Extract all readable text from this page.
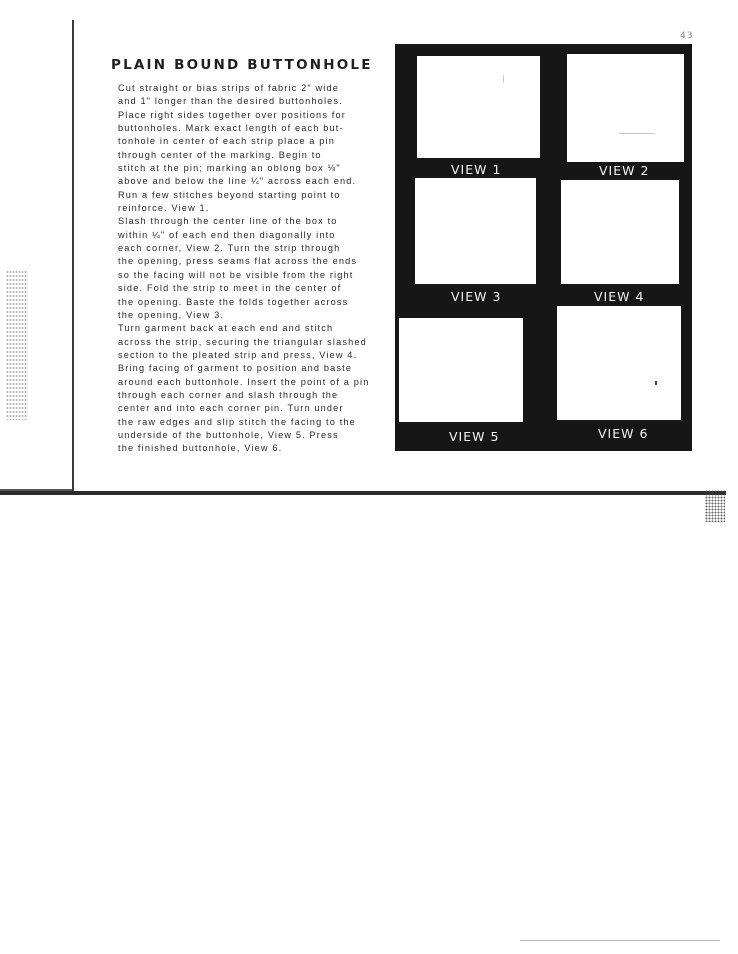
43
PLAIN BOUND BUTTONHOLE

Cut straight or bias strips of fabric 2" wide
and 1" longer than the desired buttonholes.
Place right sides together over positions for
buttonholes. Mark exact length of each but-
tonhole in center of each strip place a pin
through center of the marking. Begin to
stitch at the pin; marking an oblong box ⅛"
above and below the line ¼" across each end.
Run a few stitches beyond starting point to
reinforce. View 1.

Slash through the center line of the box to
within ¼" of each end then diagonally into
each corner, View 2. Turn the strip through
the opening, press seams flat across the ends
so the facing will not be visible from the right
side. Fold the strip to meet in the center of
the opening. Baste the folds together across
the opening, View 3.

Turn garment back at each end and stitch
across the strip, securing the triangular slashed
section to the pleated strip and press, View 4.
Bring facing of garment to position and baste
around each buttonhole. Insert the point of a pin
through each corner and slash through the
center and into each corner pin. Turn under
the raw edges and slip stitch the facing to the
underside of the buttonhole, View 5. Press
the finished buttonhole, View 6.

VIEW 1	VIEW 2
VIEW 3	VIEW 4
VIEW 5	VIEW 6
